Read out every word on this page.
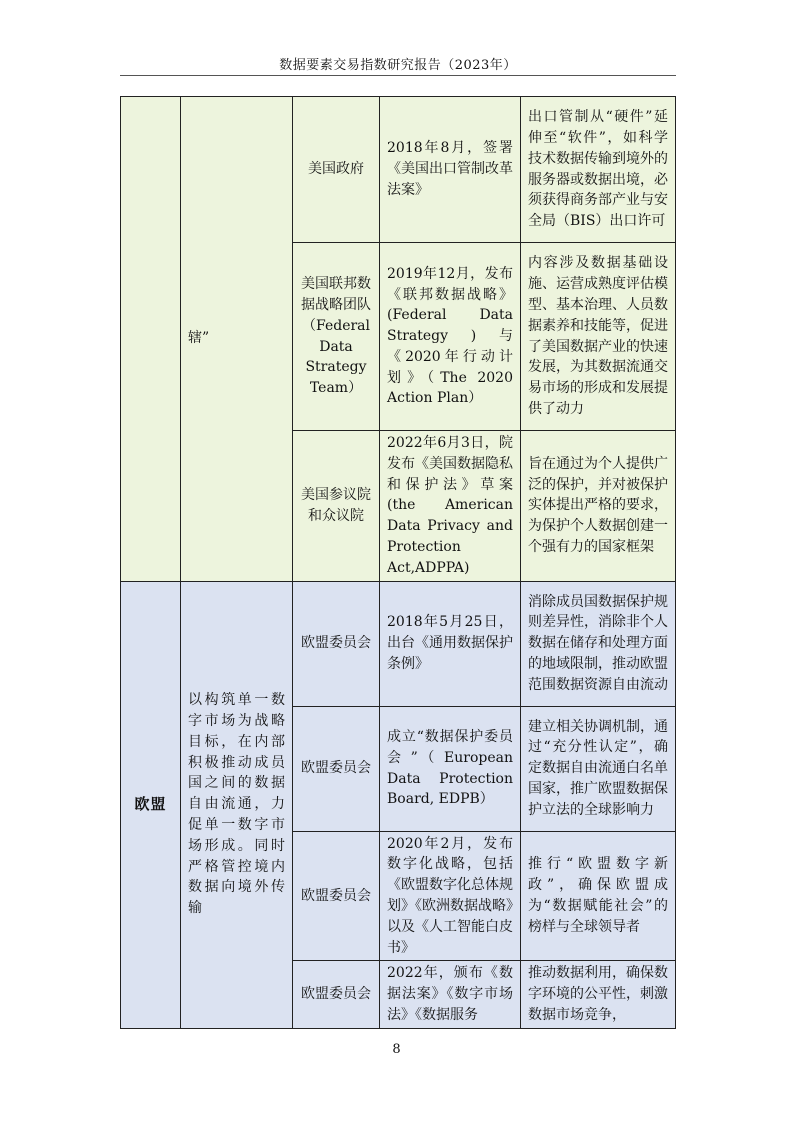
数据要素交易指数研究报告（2023年）
	辖”	美国政府	2018年8月，签署《美国出口管制改革法案》	出口管制从“硬件”延伸至“软件”，如科学技术数据传输到境外的服务器或数据出境，必须获得商务部产业与安全局（BIS）出口许可
		美国联邦数据战略团队（Federal Data Strategy Team）	2019年12月，发布《联邦数据战略》(Federal Data Strategy ) 与《2020年行动计划》（The 2020 Action Plan）	内容涉及数据基础设施、运营成熟度评估模型、基本治理、人员数据素养和技能等，促进了美国数据产业的快速发展，为其数据流通交易市场的形成和发展提供了动力
		美国参议院和众议院	2022年6月3日，院发布《美国数据隐私和保护法》草案(the American Data Privacy and Protection Act,ADPPA)	旨在通过为个人提供广泛的保护，并对被保护实体提出严格的要求，为保护个人数据创建一个强有力的国家框架
欧盟	以构筑单一数字市场为战略目标，在内部积极推动成员国之间的数据自由流通，力促单一数字市场形成。同时严格管控境内数据向境外传输	欧盟委员会	2018年5月25日，出台《通用数据保护条例》	消除成员国数据保护规则差异性，消除非个人数据在储存和处理方面的地域限制，推动欧盟范围数据资源自由流动
		欧盟委员会	成立“数据保护委员会”（European Data Protection Board, EDPB）	建立相关协调机制，通过“充分性认定”，确定数据自由流通白名单国家，推广欧盟数据保护立法的全球影响力
		欧盟委员会	2020年2月，发布数字化战略，包括《欧盟数字化总体规划》《欧洲数据战略》以及《人工智能白皮书》	推行“欧盟数字新政”，确保欧盟成为“数据赋能社会”的榜样与全球领导者
		欧盟委员会	2022年，颁布《数据法案》《数字市场法》《数据服务	推动数据利用，确保数字环境的公平性，刺激数据市场竞争，
8
